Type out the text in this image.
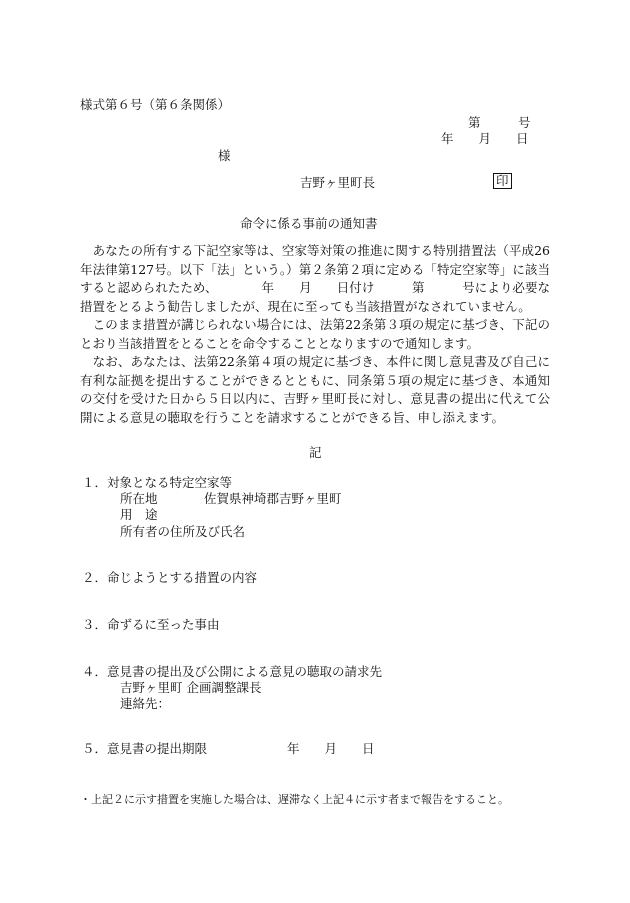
様式第６号（第６条関係）
第　　　号
年　　月　　日
様
吉野ヶ里町長	印
命令に係る事前の通知書
　あなたの所有する下記空家等は、空家等対策の推進に関する特別措置法（平成26年法律第127号。以下「法」という。）第２条第２項に定める「特定空家等」に該当すると認められたため、　　　　年　　月　　日付け　　　第　　　号により必要な措置をとるよう勧告しましたが、現在に至っても当該措置がなされていません。
　このまま措置が講じられない場合には、法第22条第３項の規定に基づき、下記のとおり当該措置をとることを命令することとなりますので通知します。
　なお、あなたは、法第22条第４項の規定に基づき、本件に関し意見書及び自己に有利な証拠を提出することができるとともに、同条第５項の規定に基づき、本通知の交付を受けた日から５日以内に、吉野ヶ里町長に対し、意見書の提出に代えて公開による意見の聴取を行うことを請求することができる旨、申し添えます。
記
１．対象となる特定空家等
所在地	佐賀県神埼郡吉野ヶ里町
用　途
所有者の住所及び氏名
２．命じようとする措置の内容
３．命ずるに至った事由
４．意見書の提出及び公開による意見の聴取の請求先
吉野ヶ里町 企画調整課長
連絡先：
５．意見書の提出期限	年　　月　　日
・上記２に示す措置を実施した場合は、遅滞なく上記４に示す者まで報告をすること。
